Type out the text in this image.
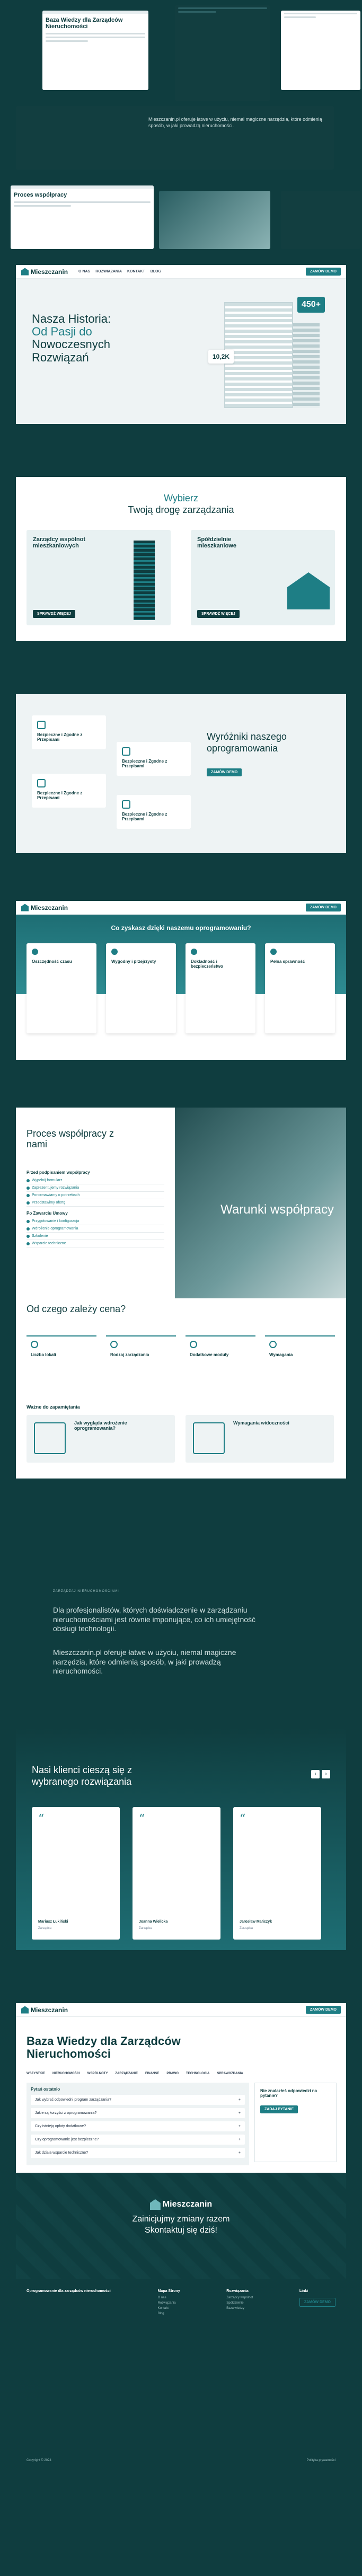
Baza Wiedzy dla Zarządców Nieruchomości
Mieszczanin.pl oferuje łatwe w użyciu, niemal magiczne narzędzia, które odmienią sposób, w jaki prowadzą nieruchomości.
Proces współpracy
Mieszczanin	O NAS ROZWIĄZANIA KONTAKT BLOG	ZAMÓW DEMO
Nasza Historia:
Od Pasji do
Nowoczesnych Rozwiązań
450+
10,2K
Wybierz
Twoją drogę zarządzania
Zarządcy wspólnot mieszkaniowych
SPRAWDŹ WIĘCEJ
Spółdzielnie mieszkaniowe
SPRAWDŹ WIĘCEJ
Bezpieczne i Zgodne z Przepisami
Bezpieczne i Zgodne z Przepisami
Bezpieczne i Zgodne z Przepisami
Bezpieczne i Zgodne z Przepisami
Wyróżniki naszego
oprogramowania
ZAMÓW DEMO
Mieszczanin	ZAMÓW DEMO
Co zyskasz dzięki naszemu oprogramowaniu?
Oszczędność czasu	Wygodny i przejrzysty	Dokładność i bezpieczeństwo
Pełna sprawność
Proces współpracy z nami
Przed podpisaniem współpracy
Wypełnij formularz
Zaprezentujemy rozwiązania
Porozmawiamy o potrzebach
Przedstawimy ofertę
Po Zawarciu Umowy
Przygotowanie i konfiguracja
Wdrożenie oprogramowania
Szkolenie
Wsparcie techniczne
Warunki współpracy
Od czego zależy cena?
Liczba lokali	Rodzaj zarządzania	Dodatkowe moduły	Wymagania
Ważne do zapamiętania
Jak wygląda wdrożenie oprogramowania?
Wymagania widoczności
ZARZĄDZAJ NIERUCHOMOŚCIAMI

Dla profesjonalistów, których doświadczenie w zarządzaniu nieruchomościami jest równie imponujące, co ich umiejętność obsługi technologii.

Mieszczanin.pl oferuje łatwe w użyciu, niemal magiczne narzędzia, które odmienią sposób, w jaki prowadzą nieruchomości.

Nasi klienci cieszą się z
wybranego rozwiązania
‹	›
“
Mariusz Łukiński
Zarządca
“
Joanna Wielicka
Zarządca
“
Jarosław Mańczyk
Zarządca
Mieszczanin	ZAMÓW DEMO
Baza Wiedzy dla Zarządców Nieruchomości
WSZYSTKIE NIERUCHOMOŚCI WSPÓLNOTY ZARZĄDZANIE FINANSE PRAWO TECHNOLOGIA SPRAWOZDANIA
Pytań ostatnio
Jak wybrać odpowiedni program zarządzania?	+
Jakie są korzyści z oprogramowania?	+
Czy istnieją opłaty dodatkowe?	+
Czy oprogramowanie jest bezpieczne?	+
Jak działa wsparcie techniczne?	+
Nie znalazłeś odpowiedzi na pytanie?
ZADAJ PYTANIE
Mieszczanin
Zainicjujmy zmiany razem
Skontaktuj się dziś!
Oprogramowanie dla zarządców nieruchomości	Mapa Strony
O nas
Rozwiązania
Kontakt
Blog
Rozwiązania
Zarządcy wspólnot
Spółdzielnie
Baza wiedzy
Linki
ZAMÓW DEMO
Copyright © 2024	Polityka prywatności
